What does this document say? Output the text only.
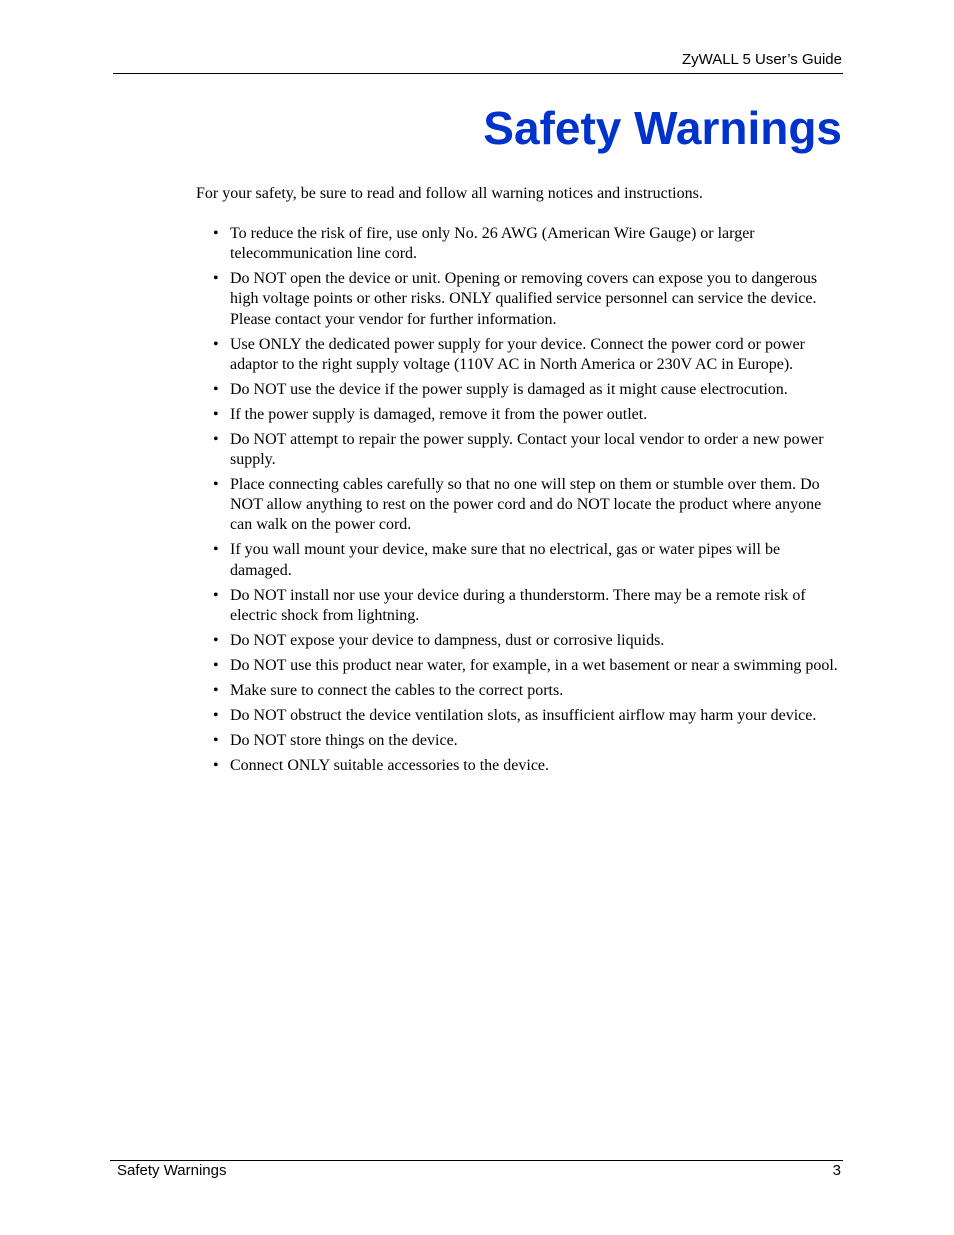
ZyWALL 5 User’s Guide
Safety Warnings

For your safety, be sure to read and follow all warning notices and instructions.

• To reduce the risk of fire, use only No. 26 AWG (American Wire Gauge) or larger telecommunication line cord.
• Do NOT open the device or unit. Opening or removing covers can expose you to dangerous high voltage points or other risks. ONLY qualified service personnel can service the device. Please contact your vendor for further information.
• Use ONLY the dedicated power supply for your device. Connect the power cord or power adaptor to the right supply voltage (110V AC in North America or 230V AC in Europe).
• Do NOT use the device if the power supply is damaged as it might cause electrocution.
• If the power supply is damaged, remove it from the power outlet.
• Do NOT attempt to repair the power supply. Contact your local vendor to order a new power supply.
• Place connecting cables carefully so that no one will step on them or stumble over them. Do NOT allow anything to rest on the power cord and do NOT locate the product where anyone can walk on the power cord.
• If you wall mount your device, make sure that no electrical, gas or water pipes will be damaged.
• Do NOT install nor use your device during a thunderstorm. There may be a remote risk of electric shock from lightning.
• Do NOT expose your device to dampness, dust or corrosive liquids.
• Do NOT use this product near water, for example, in a wet basement or near a swimming pool.
• Make sure to connect the cables to the correct ports.
• Do NOT obstruct the device ventilation slots, as insufficient airflow may harm your device.
• Do NOT store things on the device.
• Connect ONLY suitable accessories to the device.
Safety Warnings	3
